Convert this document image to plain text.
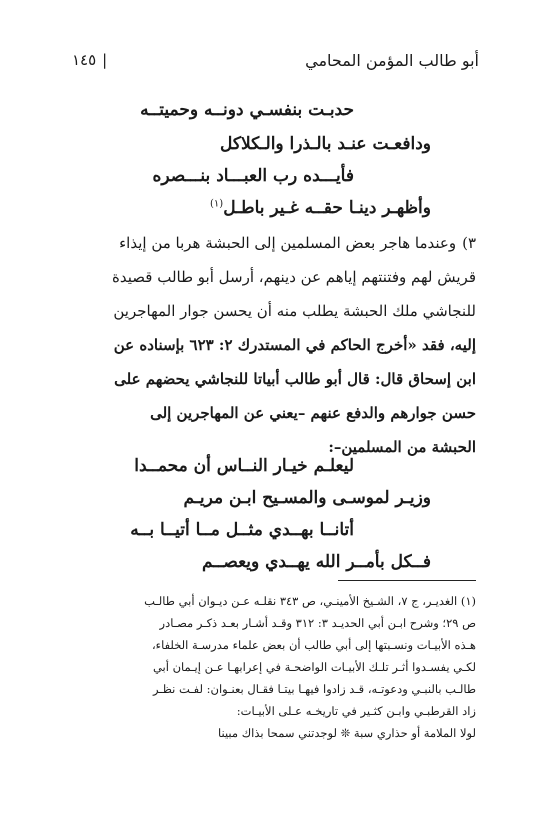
أبو طالب المؤمن المحامي
١٤٥ |
حدبـت بنفسـي دونــه وحميتــه
ودافعـت عنـد بالـذرا والـكلاكل
فأيـــده رب العبـــاد بنـــصره
وأظهـر دينـا حقــه غـير باطـل$^{(١)}$
٣)وعندما هاجر بعض المسلمين إلى الحبشة هربا من إيذاء
قريش لهم وفتنتهم إياهم عن دينهم، أرسل أبو طالب قصيدة
للنجاشي ملك الحبشة يطلب منه أن يحسن جوار المهاجرين
إليه، فقد «أخرج الحاكم في المستدرك ٢: ٦٢٣ بإسناده عن
ابن إسحاق قال: قال أبو طالب أبياتا للنجاشي يحضهم على
حسن جوارهم والدفع عنهم –يعني عن المهاجرين إلى
الحبشة من المسلمين–:
ليعلـم خيـار النــاس أن محمــدا
وزيـر لموسـى والمسـيح ابـن مريـم
أتانــا بهــدي مثــل مــا أتيــا بــه
فــكل بأمــر الله يهــدي ويعصــم
(١) الغديـر، ج ٧، الشـيخ الأمينـي، ص ٣٤٣ نقلـه عـن ديـوان أبي طالـب
ص ٢٩؛ وشرح ابـن أبي الحديـد ٣: ٣١٢ وقـد أشـار بعـد ذكـر مصـادر
هـذه الأبيـات ونسـبتها إلى أبي طالب أن بعض علماء مدرسـة الخلفاء،
لكـي يفسـدوا أثـر تلـك الأبيـات الواضحـة في إعرابهـا عـن إيـمان أبي
طالـب بالنبـي ودعوتـه، قـد زادوا فيهـا بيتـا فقـال بعنـوان: لفـت نظـر
زاد القرطبـي وابـن كثـير في تاريخـه عـلى الأبيـات:
لولا الملامة أو حذاري سبة ❊ لوجدتني سمحا بذاك مبينا
